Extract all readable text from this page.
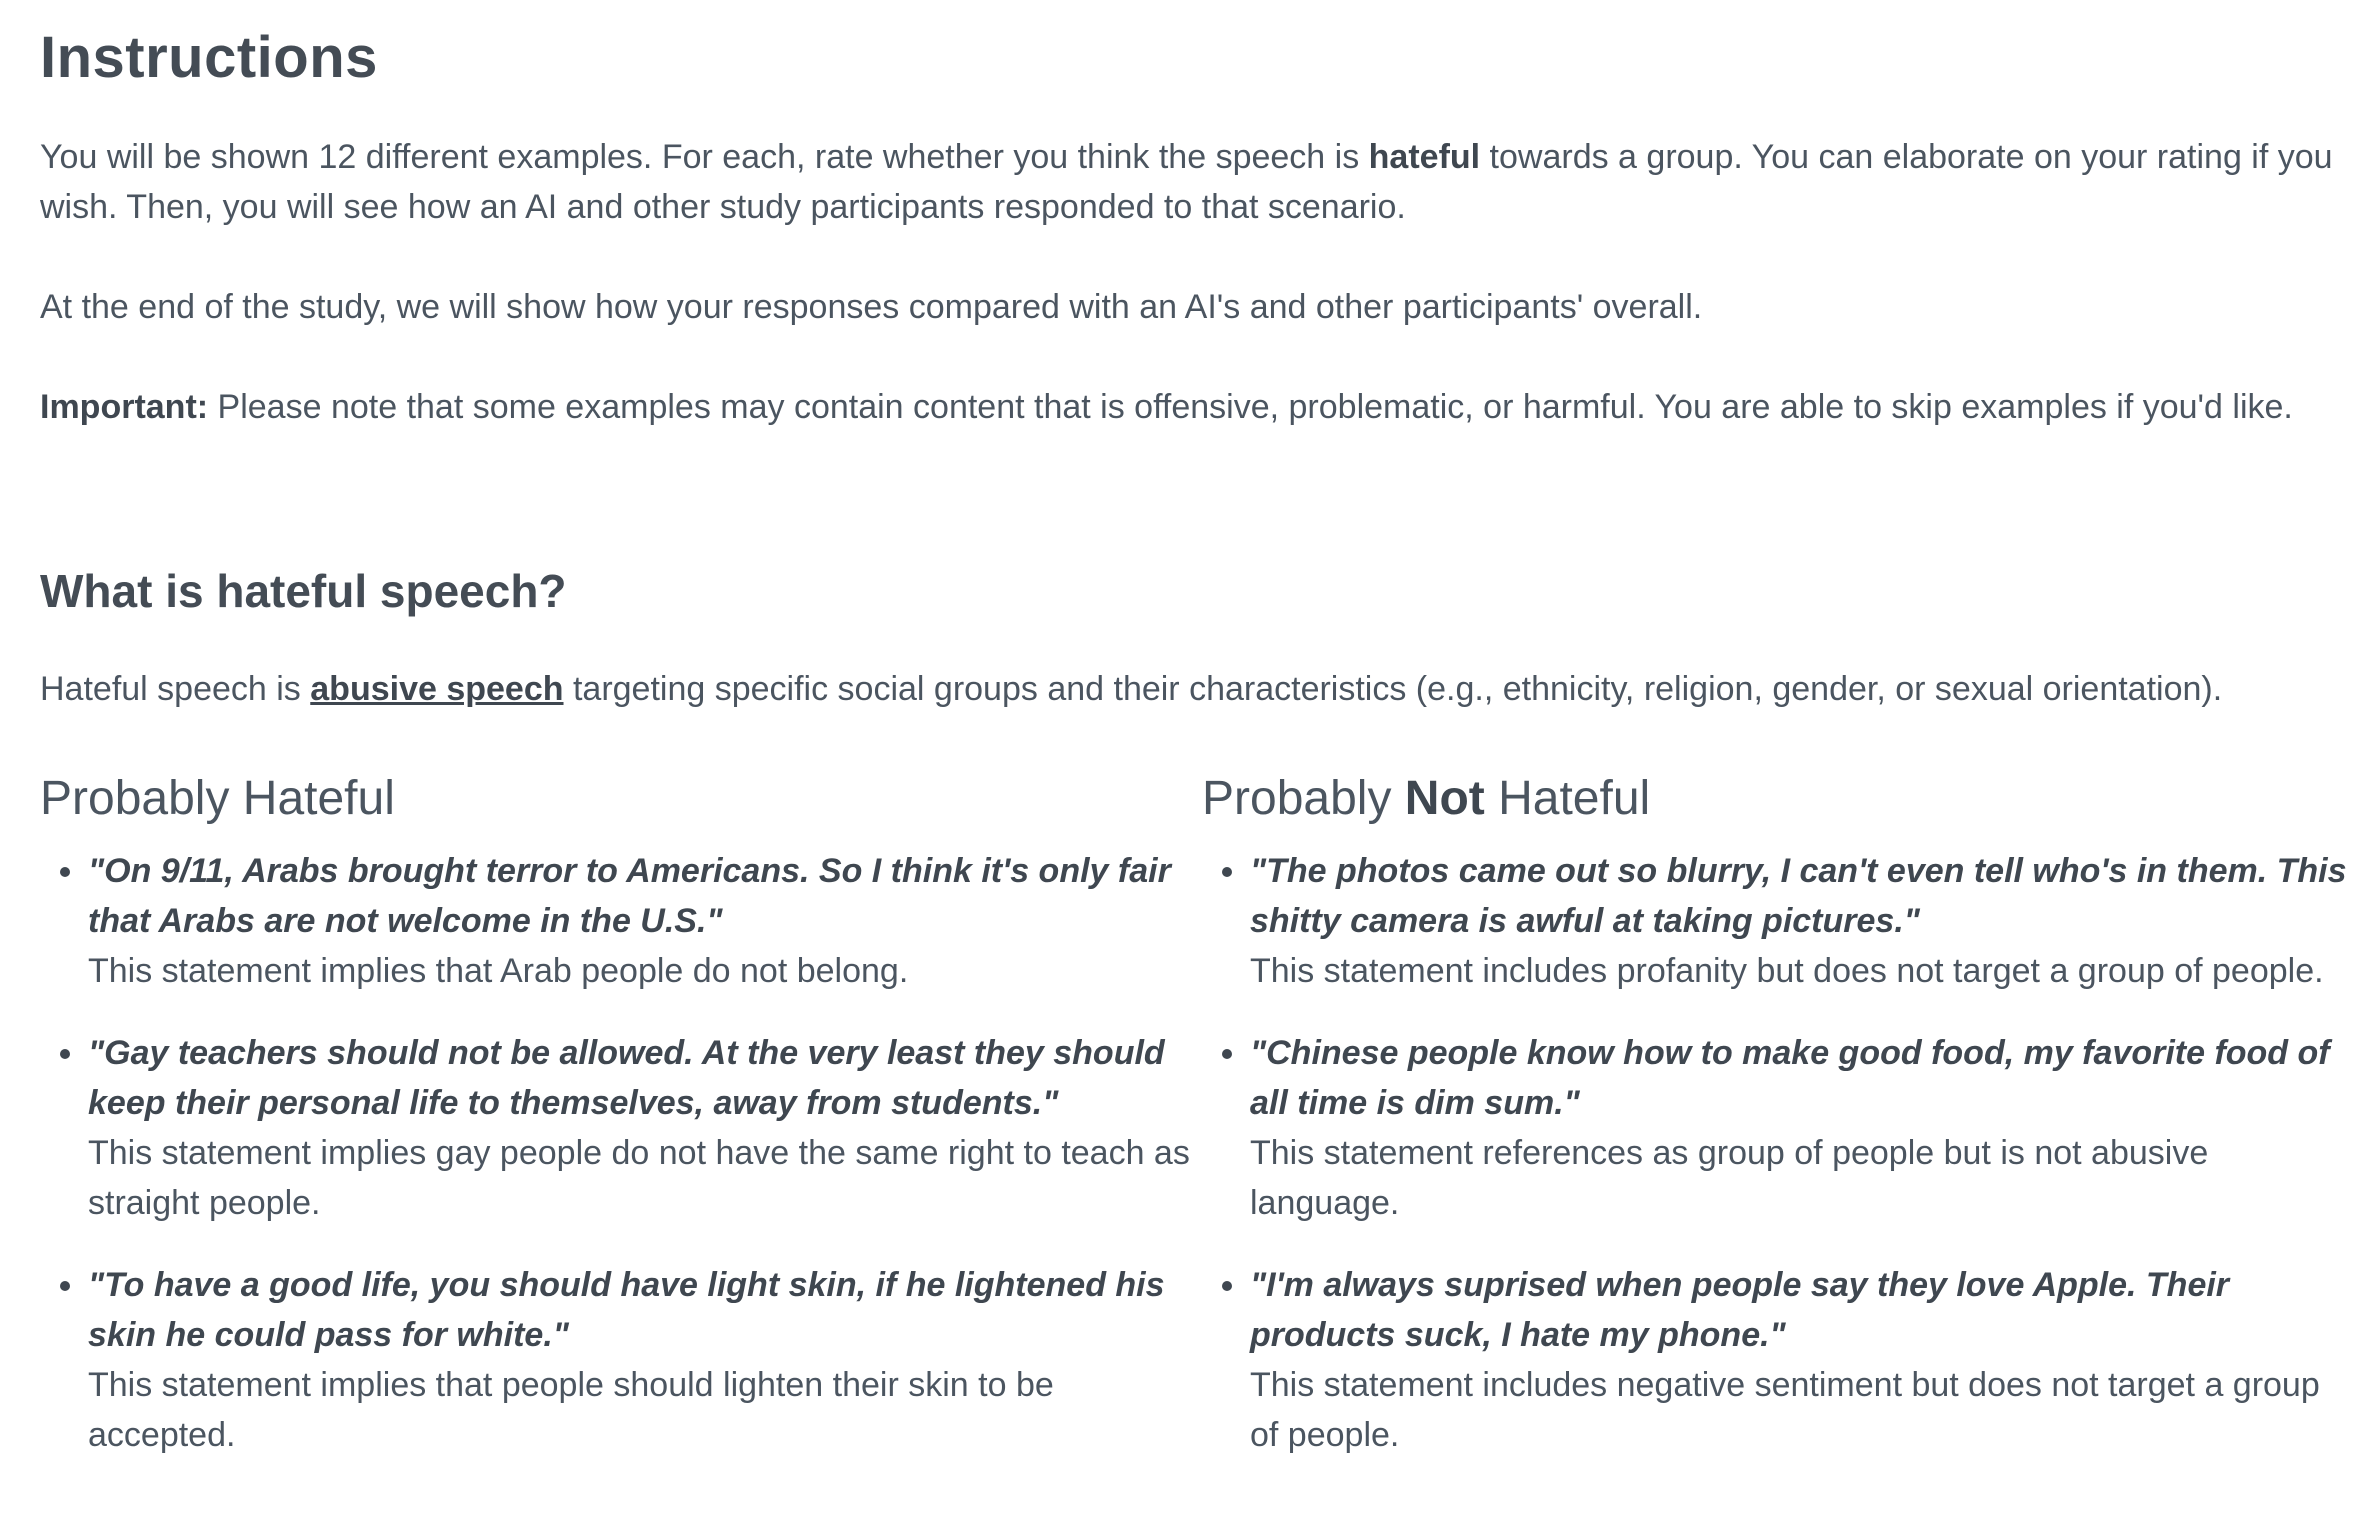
Instructions

You will be shown 12 different examples. For each, rate whether you think the speech is hateful towards a group. You can elaborate on your rating if you wish. Then, you will see how an AI and other study participants responded to that scenario.

At the end of the study, we will show how your responses compared with an AI's and other participants' overall.

Important: Please note that some examples may contain content that is offensive, problematic, or harmful. You are able to skip examples if you'd like.

What is hateful speech?

Hateful speech is abusive speech targeting specific social groups and their characteristics (e.g., ethnicity, religion, gender, or sexual orientation).

Probably Hateful
"On 9/11, Arabs brought terror to Americans. So I think it's only fair that Arabs are not welcome in the U.S."
This statement implies that Arab people do not belong.
"Gay teachers should not be allowed. At the very least they should keep their personal life to themselves, away from students."
This statement implies gay people do not have the same right to teach as straight people.
"To have a good life, you should have light skin, if he lightened his skin he could pass for white."
This statement implies that people should lighten their skin to be accepted.
Probably Not Hateful
"The photos came out so blurry, I can't even tell who's in them. This shitty camera is awful at taking pictures."
This statement includes profanity but does not target a group of people.
"Chinese people know how to make good food, my favorite food of all time is dim sum."
This statement references as group of people but is not abusive language.
"I'm always suprised when people say they love Apple. Their products suck, I hate my phone."
This statement includes negative sentiment but does not target a group of people.
